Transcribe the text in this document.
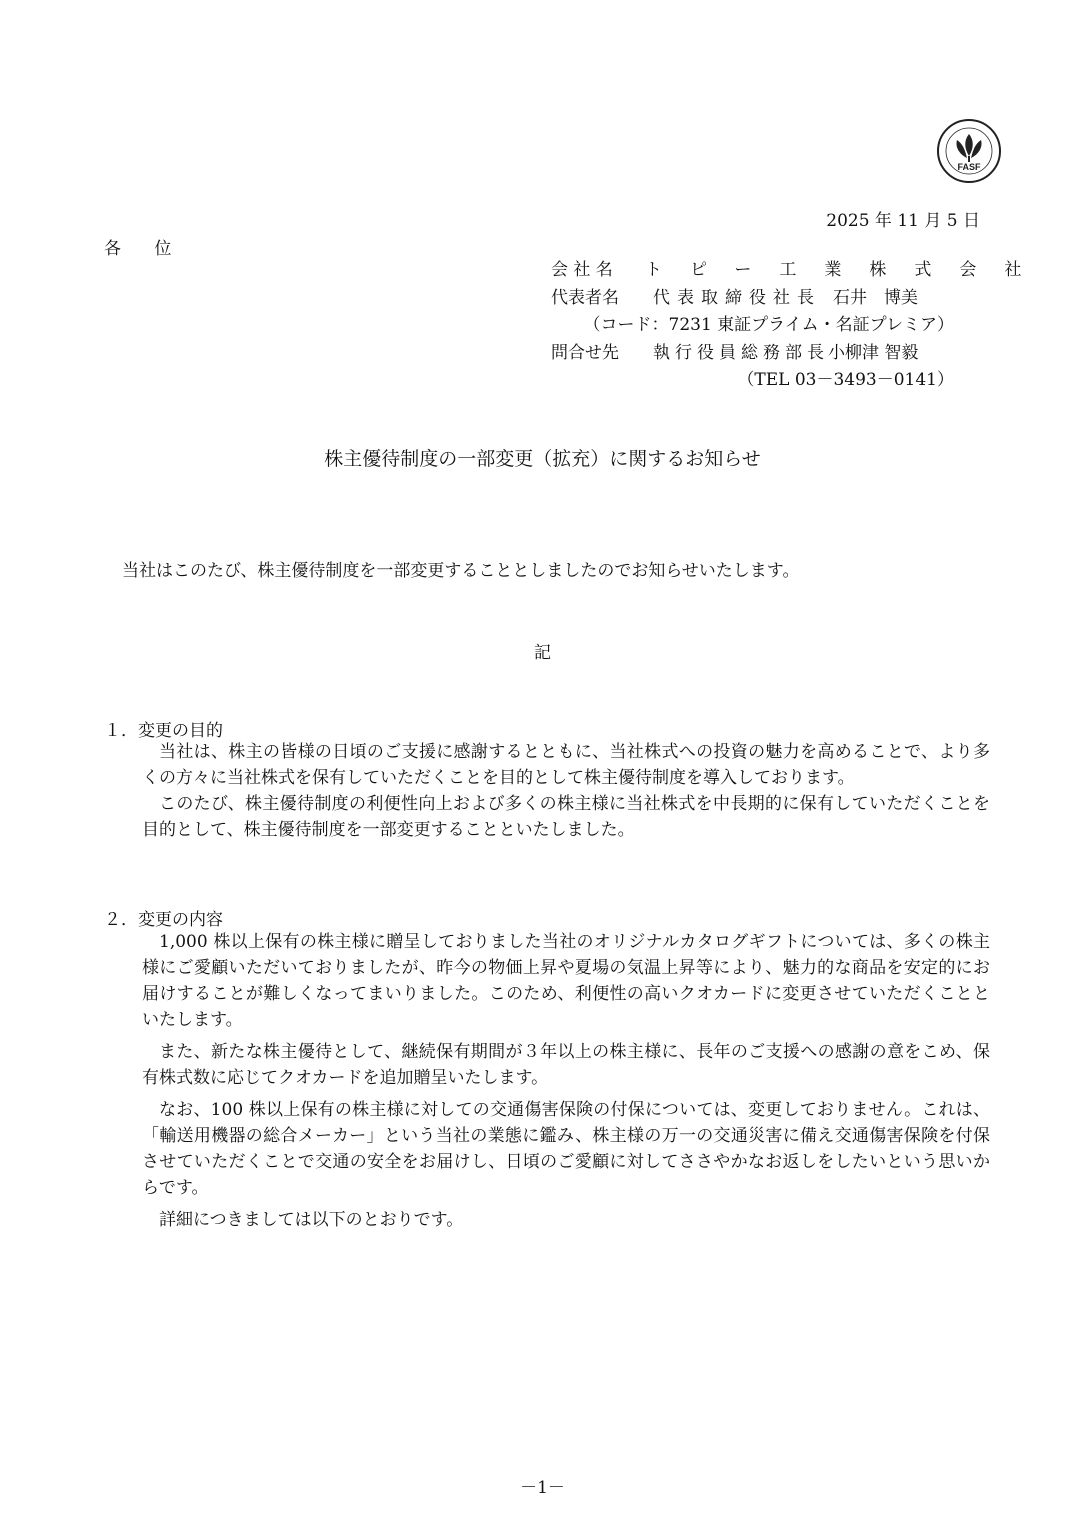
FASF
2025 年 11 月 5 日
各 位
会 社 名	トピー工業株式会社
代表者名	代表取締役社長 石井　博美
（コード：7231 東証プライム・名証プレミア）
問合せ先	執行役員総務部長 小柳津 智毅
（TEL 03－3493－0141）
株主優待制度の一部変更（拡充）に関するお知らせ
当社はこのたび、株主優待制度を一部変更することとしましたのでお知らせいたします。
記
１．変更の目的

当社は、株主の皆様の日頃のご支援に感謝するとともに、当社株式への投資の魅力を高めることで、より多くの方々に当社株式を保有していただくことを目的として株主優待制度を導入しております。

このたび、株主優待制度の利便性向上および多くの株主様に当社株式を中長期的に保有していただくことを目的として、株主優待制度を一部変更することといたしました。

２．変更の内容

1,000 株以上保有の株主様に贈呈しておりました当社のオリジナルカタログギフトについては、多くの株主様にご愛顧いただいておりましたが、昨今の物価上昇や夏場の気温上昇等により、魅力的な商品を安定的にお届けすることが難しくなってまいりました。このため、利便性の高いクオカードに変更させていただくことといたします。

また、新たな株主優待として、継続保有期間が３年以上の株主様に、長年のご支援への感謝の意をこめ、保有株式数に応じてクオカードを追加贈呈いたします。

なお、100 株以上保有の株主様に対しての交通傷害保険の付保については、変更しておりません。これは、「輸送用機器の総合メーカー」という当社の業態に鑑み、株主様の万一の交通災害に備え交通傷害保険を付保させていただくことで交通の安全をお届けし、日頃のご愛顧に対してささやかなお返しをしたいという思いからです。

詳細につきましては以下のとおりです。

－1－
